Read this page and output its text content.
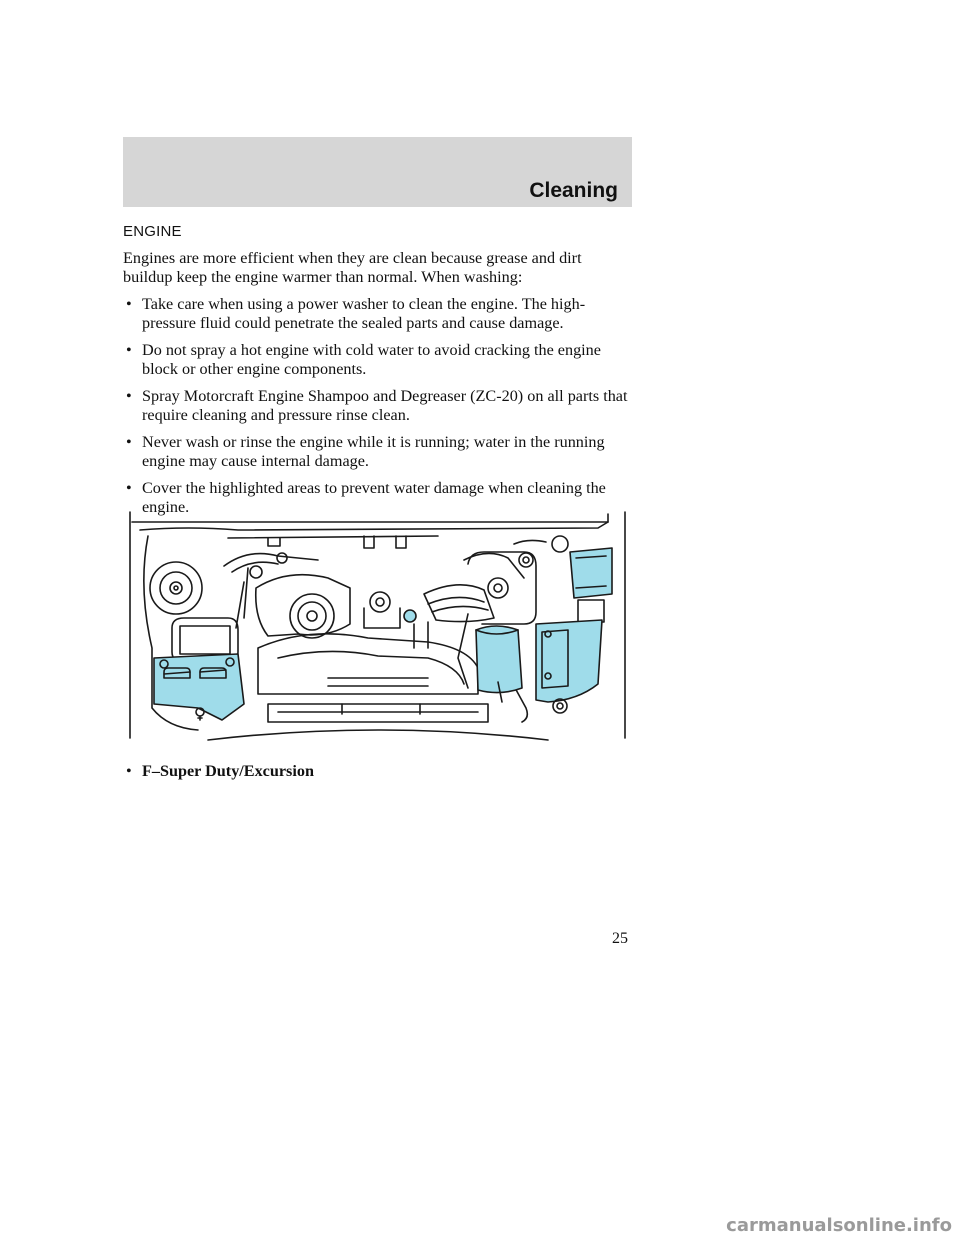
Cleaning
ENGINE

Engines are more efficient when they are clean because grease and dirt buildup keep the engine warmer than normal. When washing:

• Take care when using a power washer to clean the engine. The high-pressure fluid could penetrate the sealed parts and cause damage.
• Do not spray a hot engine with cold water to avoid cracking the engine block or other engine components.
• Spray Motorcraft Engine Shampoo and Degreaser (ZC-20) on all parts that require cleaning and pressure rinse clean.
• Never wash or rinse the engine while it is running; water in the running engine may cause internal damage.
• Cover the highlighted areas to prevent water damage when cleaning the engine.
• F–Super Duty/Excursion
25
carmanualsonline.info
